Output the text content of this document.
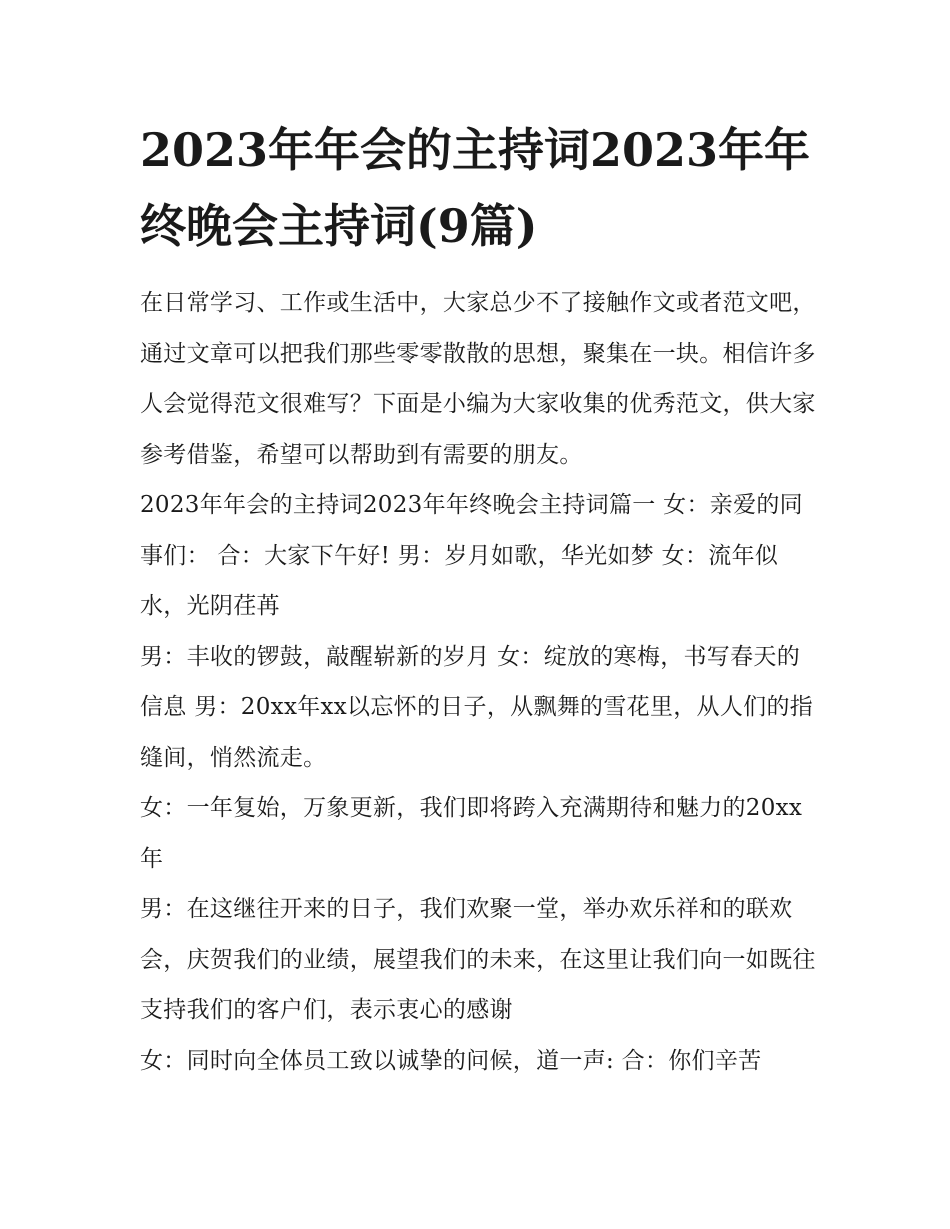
2023年年会的主持词2023年年终晚会主持词(9篇)

在日常学习、工作或生活中，大家总少不了接触作文或者范文吧，通过文章可以把我们那些零零散散的思想，聚集在一块。相信许多人会觉得范文很难写？下面是小编为大家收集的优秀范文，供大家参考借鉴，希望可以帮助到有需要的朋友。

2023年年会的主持词2023年年终晚会主持词篇一 女：亲爱的同事们： 合：大家下午好! 男：岁月如歌，华光如梦 女：流年似水，光阴荏苒

男：丰收的锣鼓，敲醒崭新的岁月 女：绽放的寒梅，书写春天的信息 男：20xx年xx以忘怀的日子，从飘舞的雪花里，从人们的指缝间，悄然流走。

女：一年复始，万象更新，我们即将跨入充满期待和魅力的20xx年

男：在这继往开来的日子，我们欢聚一堂，举办欢乐祥和的联欢会，庆贺我们的业绩，展望我们的未来，在这里让我们向一如既往支持我们的客户们，表示衷心的感谢

女：同时向全体员工致以诚挚的问候，道一声: 合：你们辛苦
